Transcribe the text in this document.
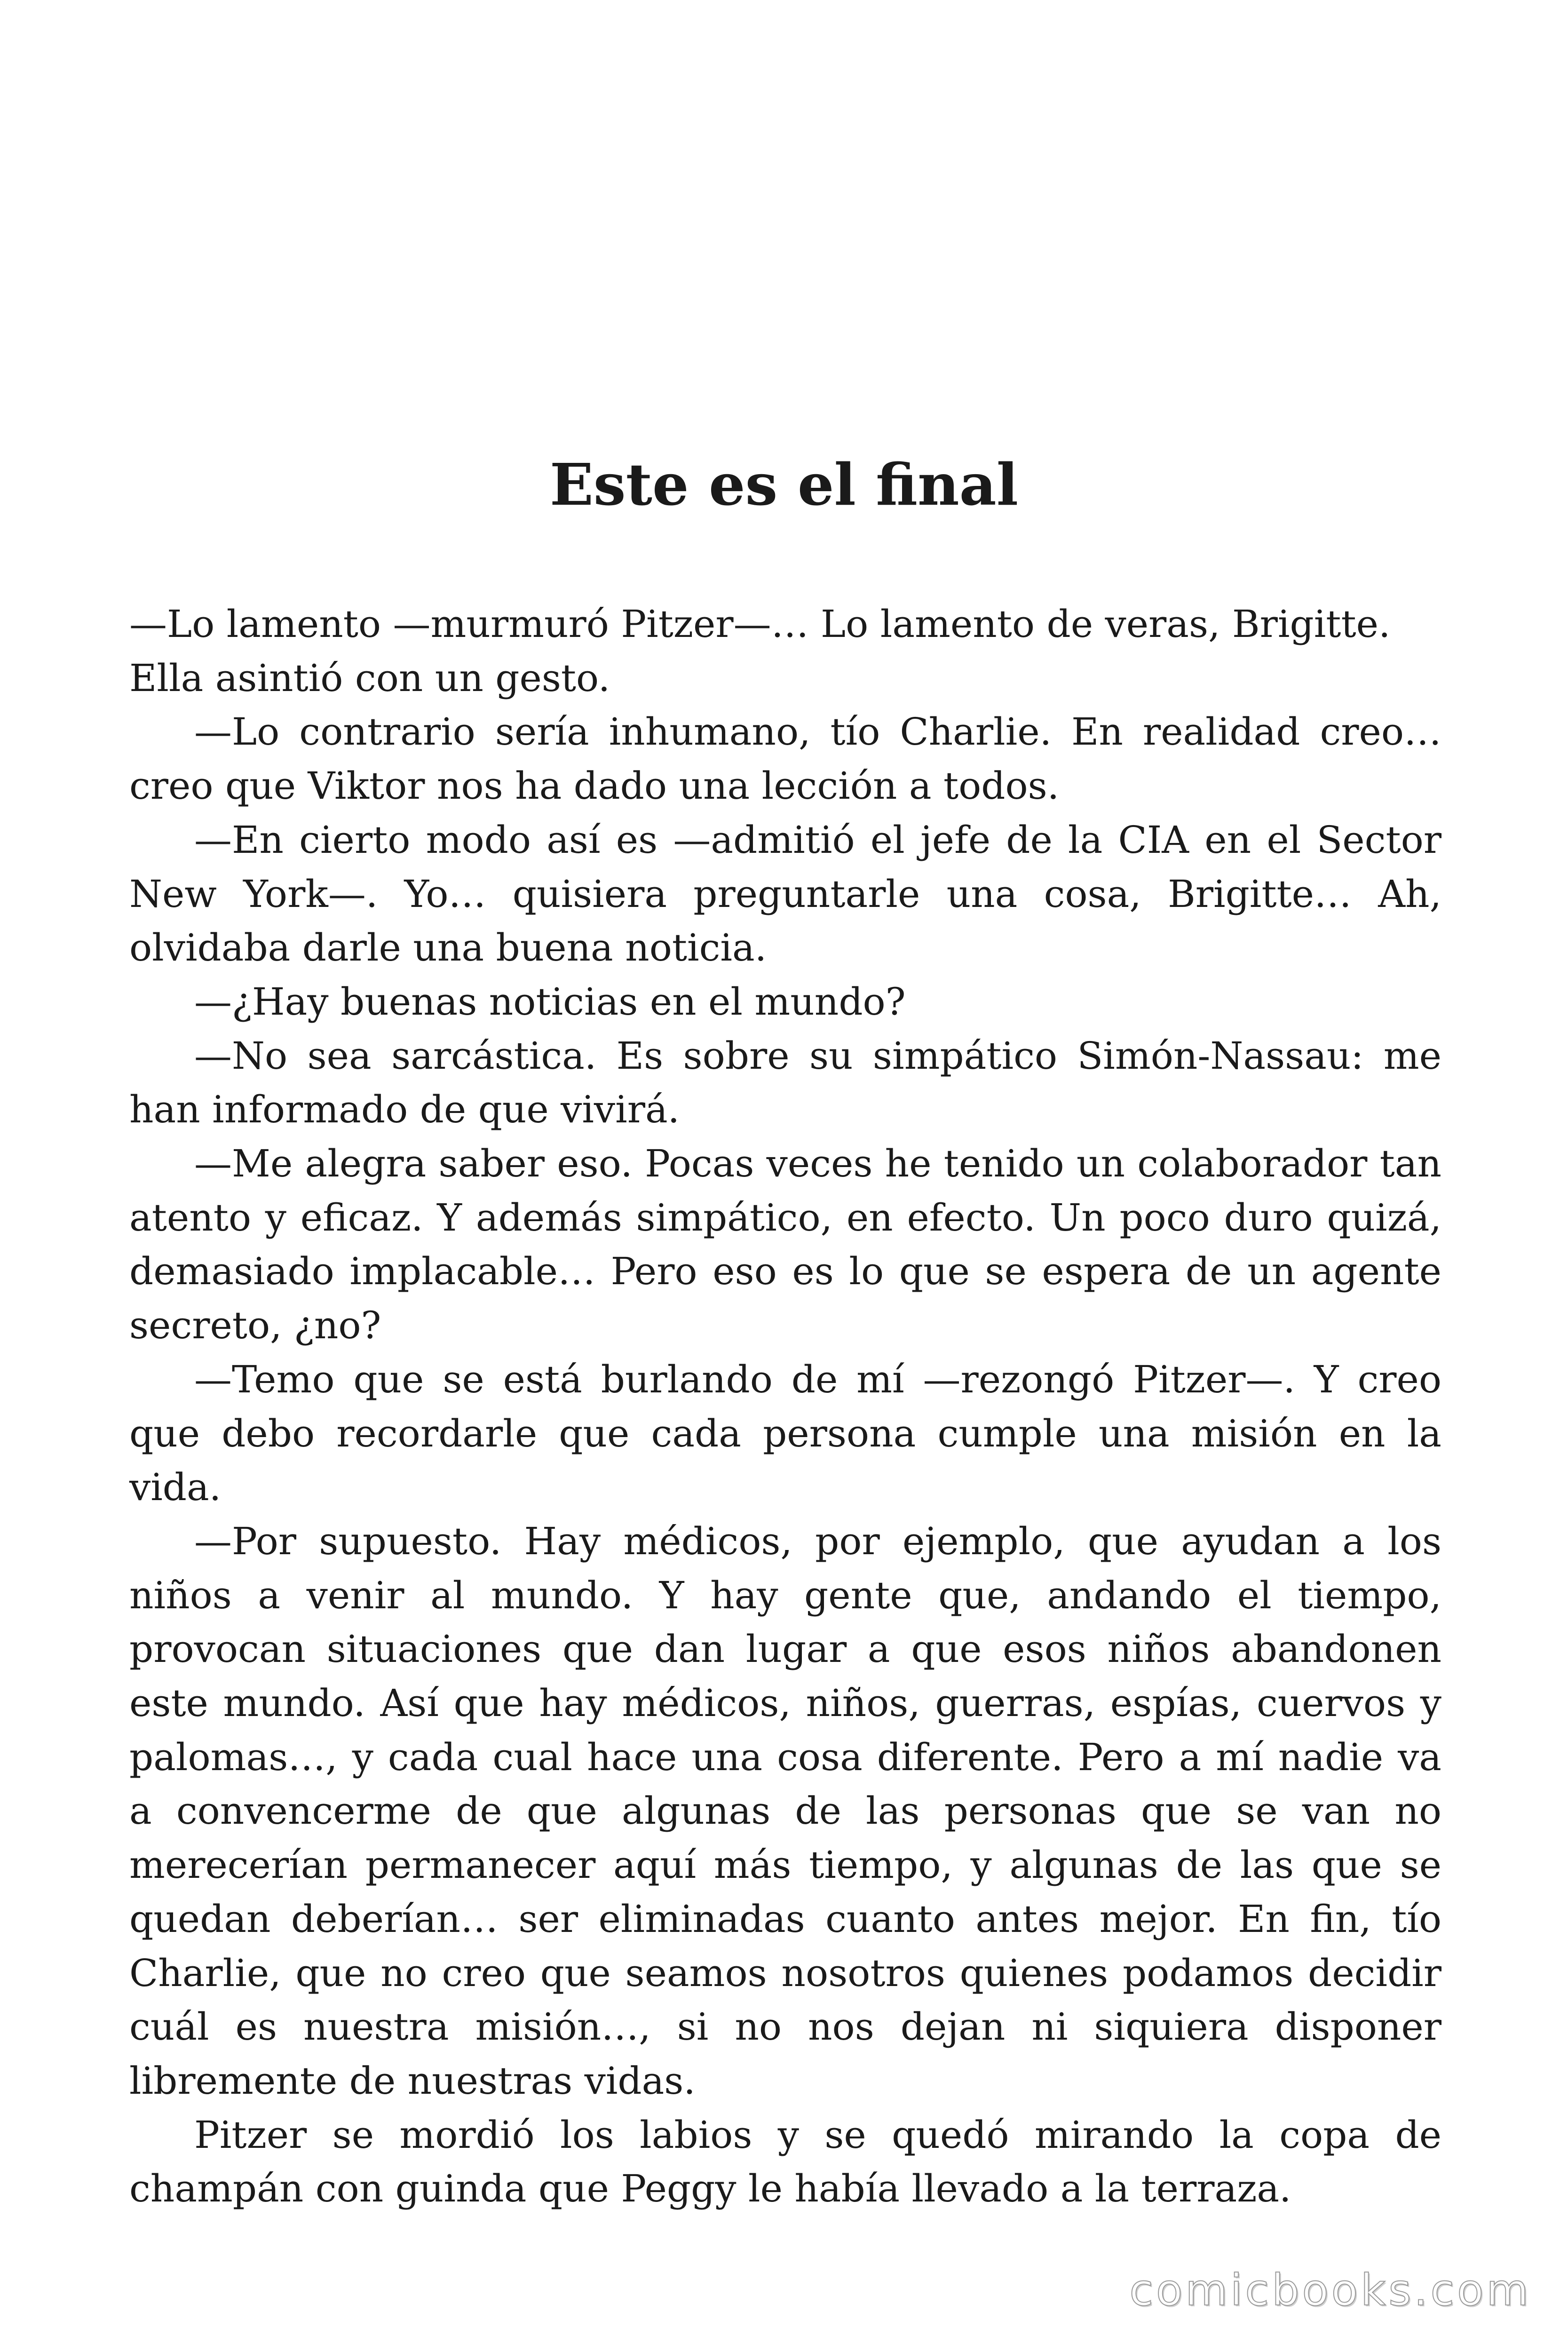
Este es el final

—Lo lamento —murmuró Pitzer—… Lo lamento de veras, Brigitte.

Ella asintió con un gesto.

—Lo contrario sería inhumano, tío Charlie. En realidad creo… creo que Viktor nos ha dado una lección a todos.

—En cierto modo así es —admitió el jefe de la CIA en el Sector New York—. Yo… quisiera preguntarle una cosa, Brigitte… Ah, olvidaba darle una buena noticia.

—¿Hay buenas noticias en el mundo?

—No sea sarcástica. Es sobre su simpático Simón-Nassau: me han informado de que vivirá.

—Me alegra saber eso. Pocas veces he tenido un colaborador tan atento y eficaz. Y además simpático, en efecto. Un poco duro quizá, demasiado implacable… Pero eso es lo que se espera de un agente secreto, ¿no?

—Temo que se está burlando de mí —rezongó Pitzer—. Y creo que debo recordarle que cada persona cumple una misión en la vida.

—Por supuesto. Hay médicos, por ejemplo, que ayudan a los niños a venir al mundo. Y hay gente que, andando el tiempo, provocan situaciones que dan lugar a que esos niños abandonen este mundo. Así que hay médicos, niños, guerras, espías, cuervos y palomas…, y cada cual hace una cosa diferente. Pero a mí nadie va a convencerme de que algunas de las personas que se van no merecerían permanecer aquí más tiempo, y algunas de las que se quedan deberían… ser eliminadas cuanto antes mejor. En fin, tío Charlie, que no creo que seamos nosotros quienes podamos decidir cuál es nuestra misión…, si no nos dejan ni siquiera disponer libremente de nuestras vidas.

Pitzer se mordió los labios y se quedó mirando la copa de champán con guinda que Peggy le había llevado a la terraza.

comicbooks.com
